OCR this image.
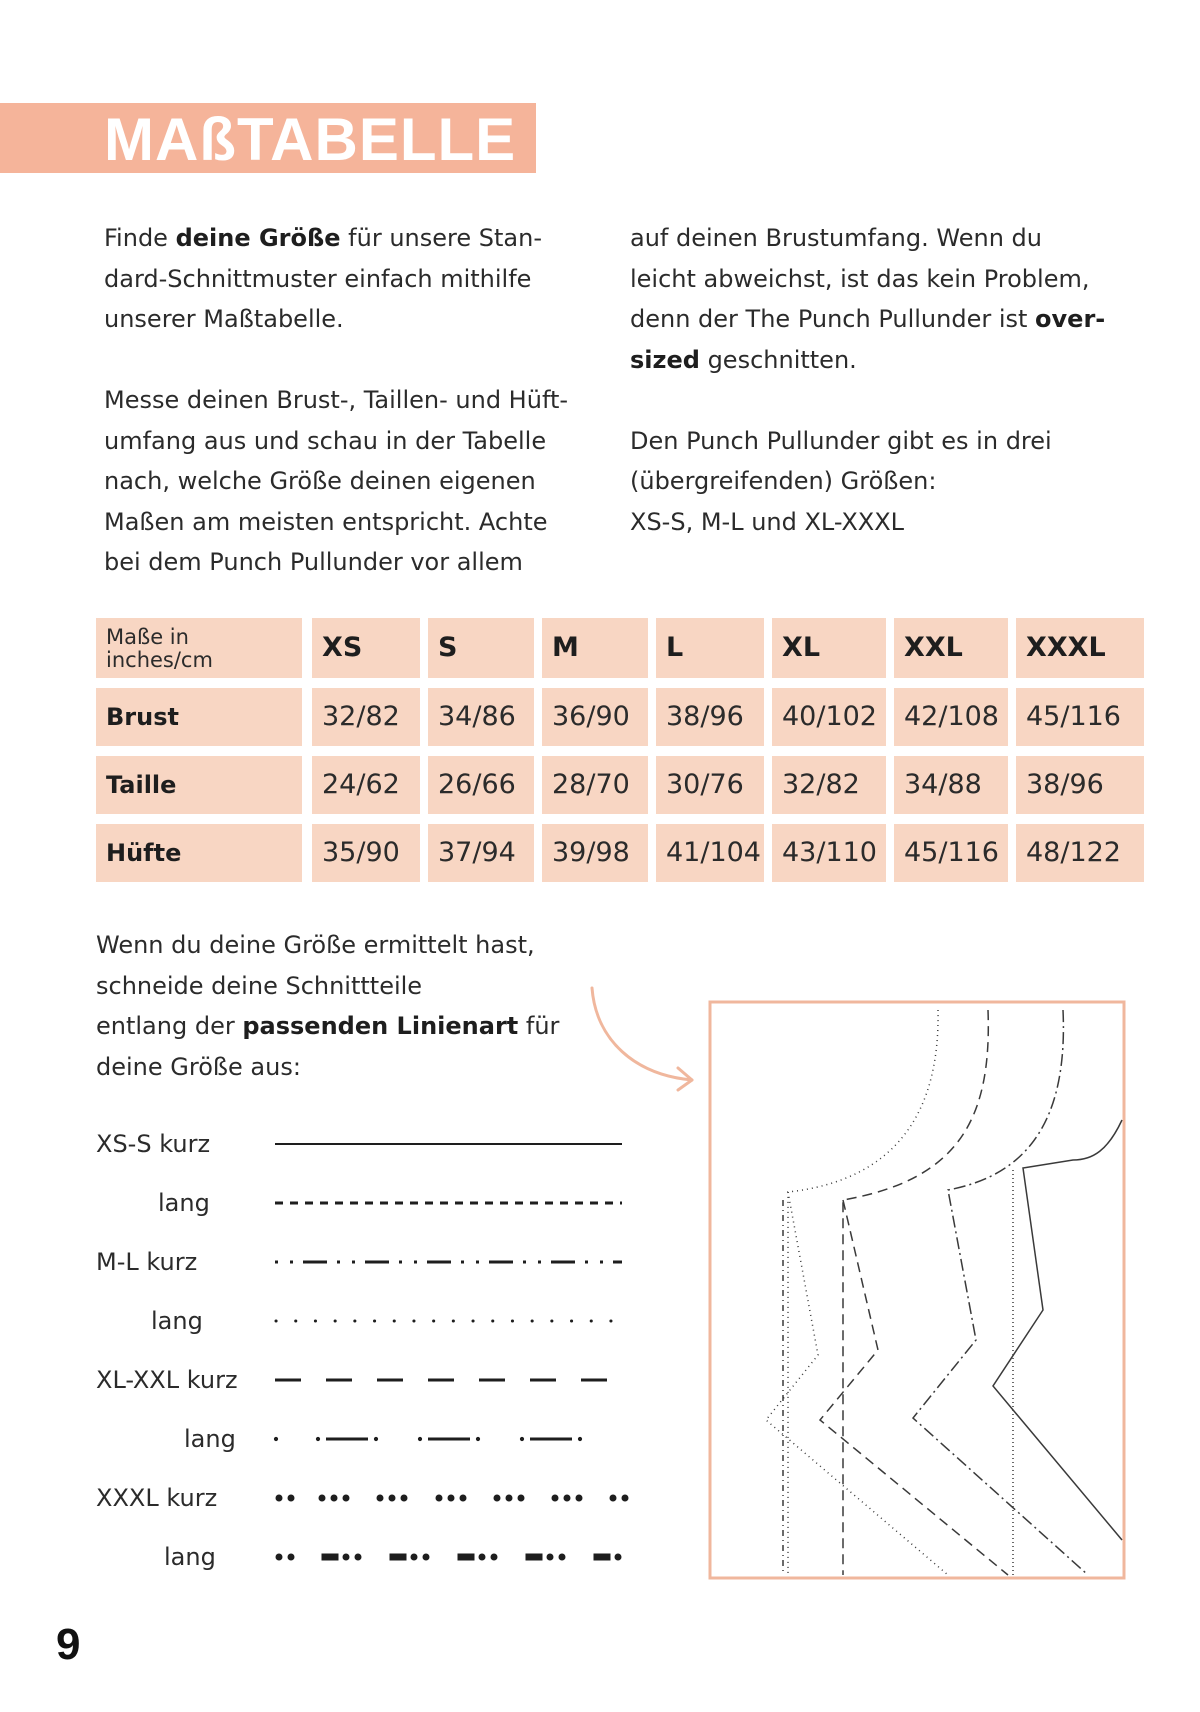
MAßTABELLE

Finde deine Größe für unsere Stan-
dard-Schnittmuster einfach mithilfe
unserer Maßtabelle.

Messe deinen Brust-, Taillen- und Hüft-
umfang aus und schau in der Tabelle
nach, welche Größe deinen eigenen
Maßen am meisten entspricht. Achte
bei dem Punch Pullunder vor allem

auf deinen Brustumfang. Wenn du
leicht abweichst, ist das kein Problem,
denn der The Punch Pullunder ist over-
sized geschnitten.

Den Punch Pullunder gibt es in drei
(übergreifenden) Größen:
XS-S, M-L und XL-XXXL

Maße in
inches/cm	XS	S	M	L	XL	XXL XXXL
Brust	32/82 34/86 36/90 38/96 40/102 42/108 45/116
Taille	24/62 26/66 28/70 30/76 32/82 34/88 38/96
Hüfte	35/90 37/94 39/98 41/104 43/110 45/116 48/122

Wenn du deine Größe ermittelt hast,
schneide deine Schnittteile
entlang der passenden Linienart für
deine Größe aus:

XS-S kurz
lang
M-L kurz
lang
XL-XXL kurz
lang
XXXL kurz
lang
9
